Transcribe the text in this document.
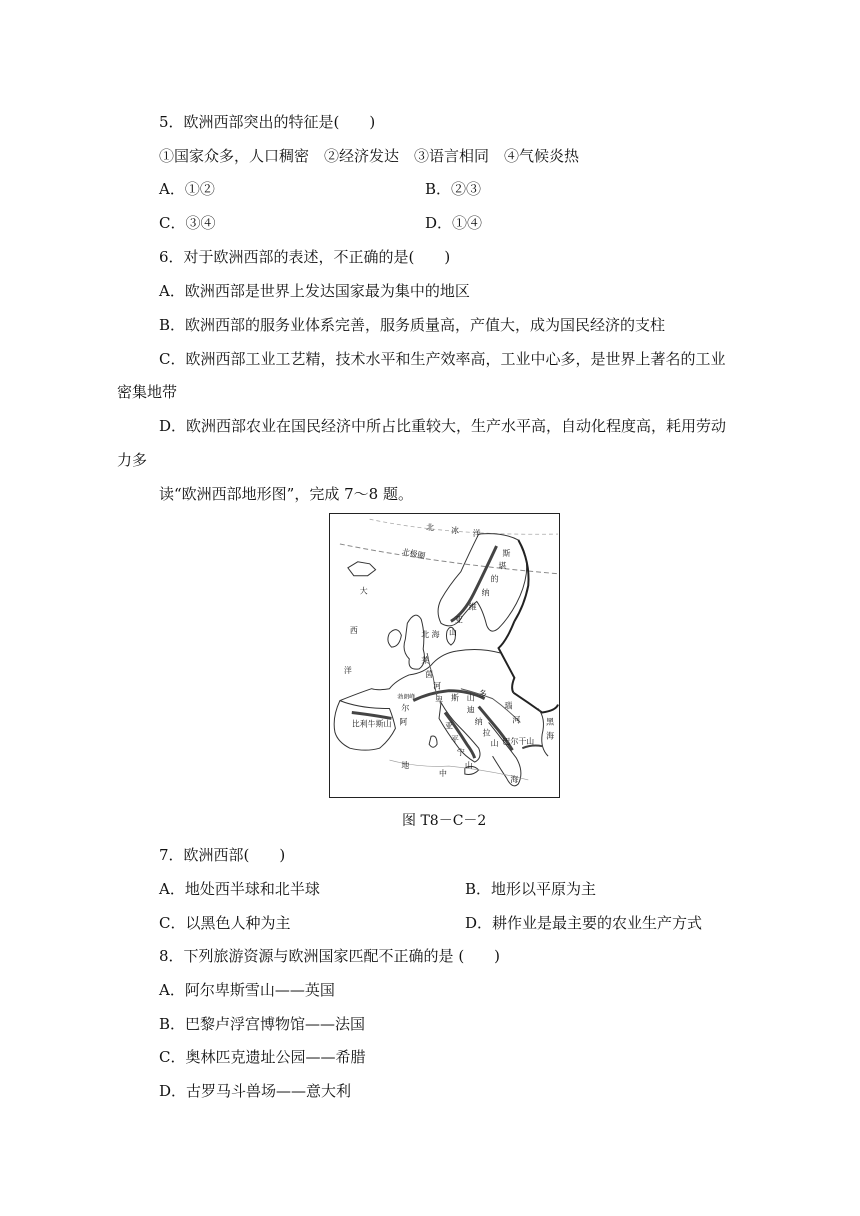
5．欧洲西部突出的特征是(　　)
①国家众多，人口稠密　②经济发达　③语言相同　④气候炎热
A．①②	B．②③
C．③④	D．①④
6．对于欧洲西部的表述，不正确的是(　　)
A．欧洲西部是世界上发达国家最为集中的地区
B．欧洲西部的服务业体系完善，服务质量高，产值大，成为国民经济的支柱
C．欧洲西部工业工艺精，技术水平和生产效率高，工业中心多，是世界上著名的工业
密集地带
D．欧洲西部农业在国民经济中所占比重较大，生产水平高，自动化程度高，耗用劳动
力多
读“欧洲西部地形图”，完成 7～8 题。
北 冰 洋
北极圈	斯
堪
的
纳
维
亚
山
大
西
洋
北 海
莱
茵
河
勃朗峰
尔
阿
卑 斯 山 多
瑙
河
比利牛斯山	亚
平
宁
山
迪
纳
拉
山 巴尔干山
黑
海
地
中
海
图 T8－C－2
7．欧洲西部(　　)
A．地处西半球和北半球	B．地形以平原为主
C．以黑色人种为主	D．耕作业是最主要的农业生产方式
8．下列旅游资源与欧洲国家匹配不正确的是 (　　)
A．阿尔卑斯雪山——英国
B．巴黎卢浮宫博物馆——法国
C．奥林匹克遗址公园——希腊
D．古罗马斗兽场——意大利
